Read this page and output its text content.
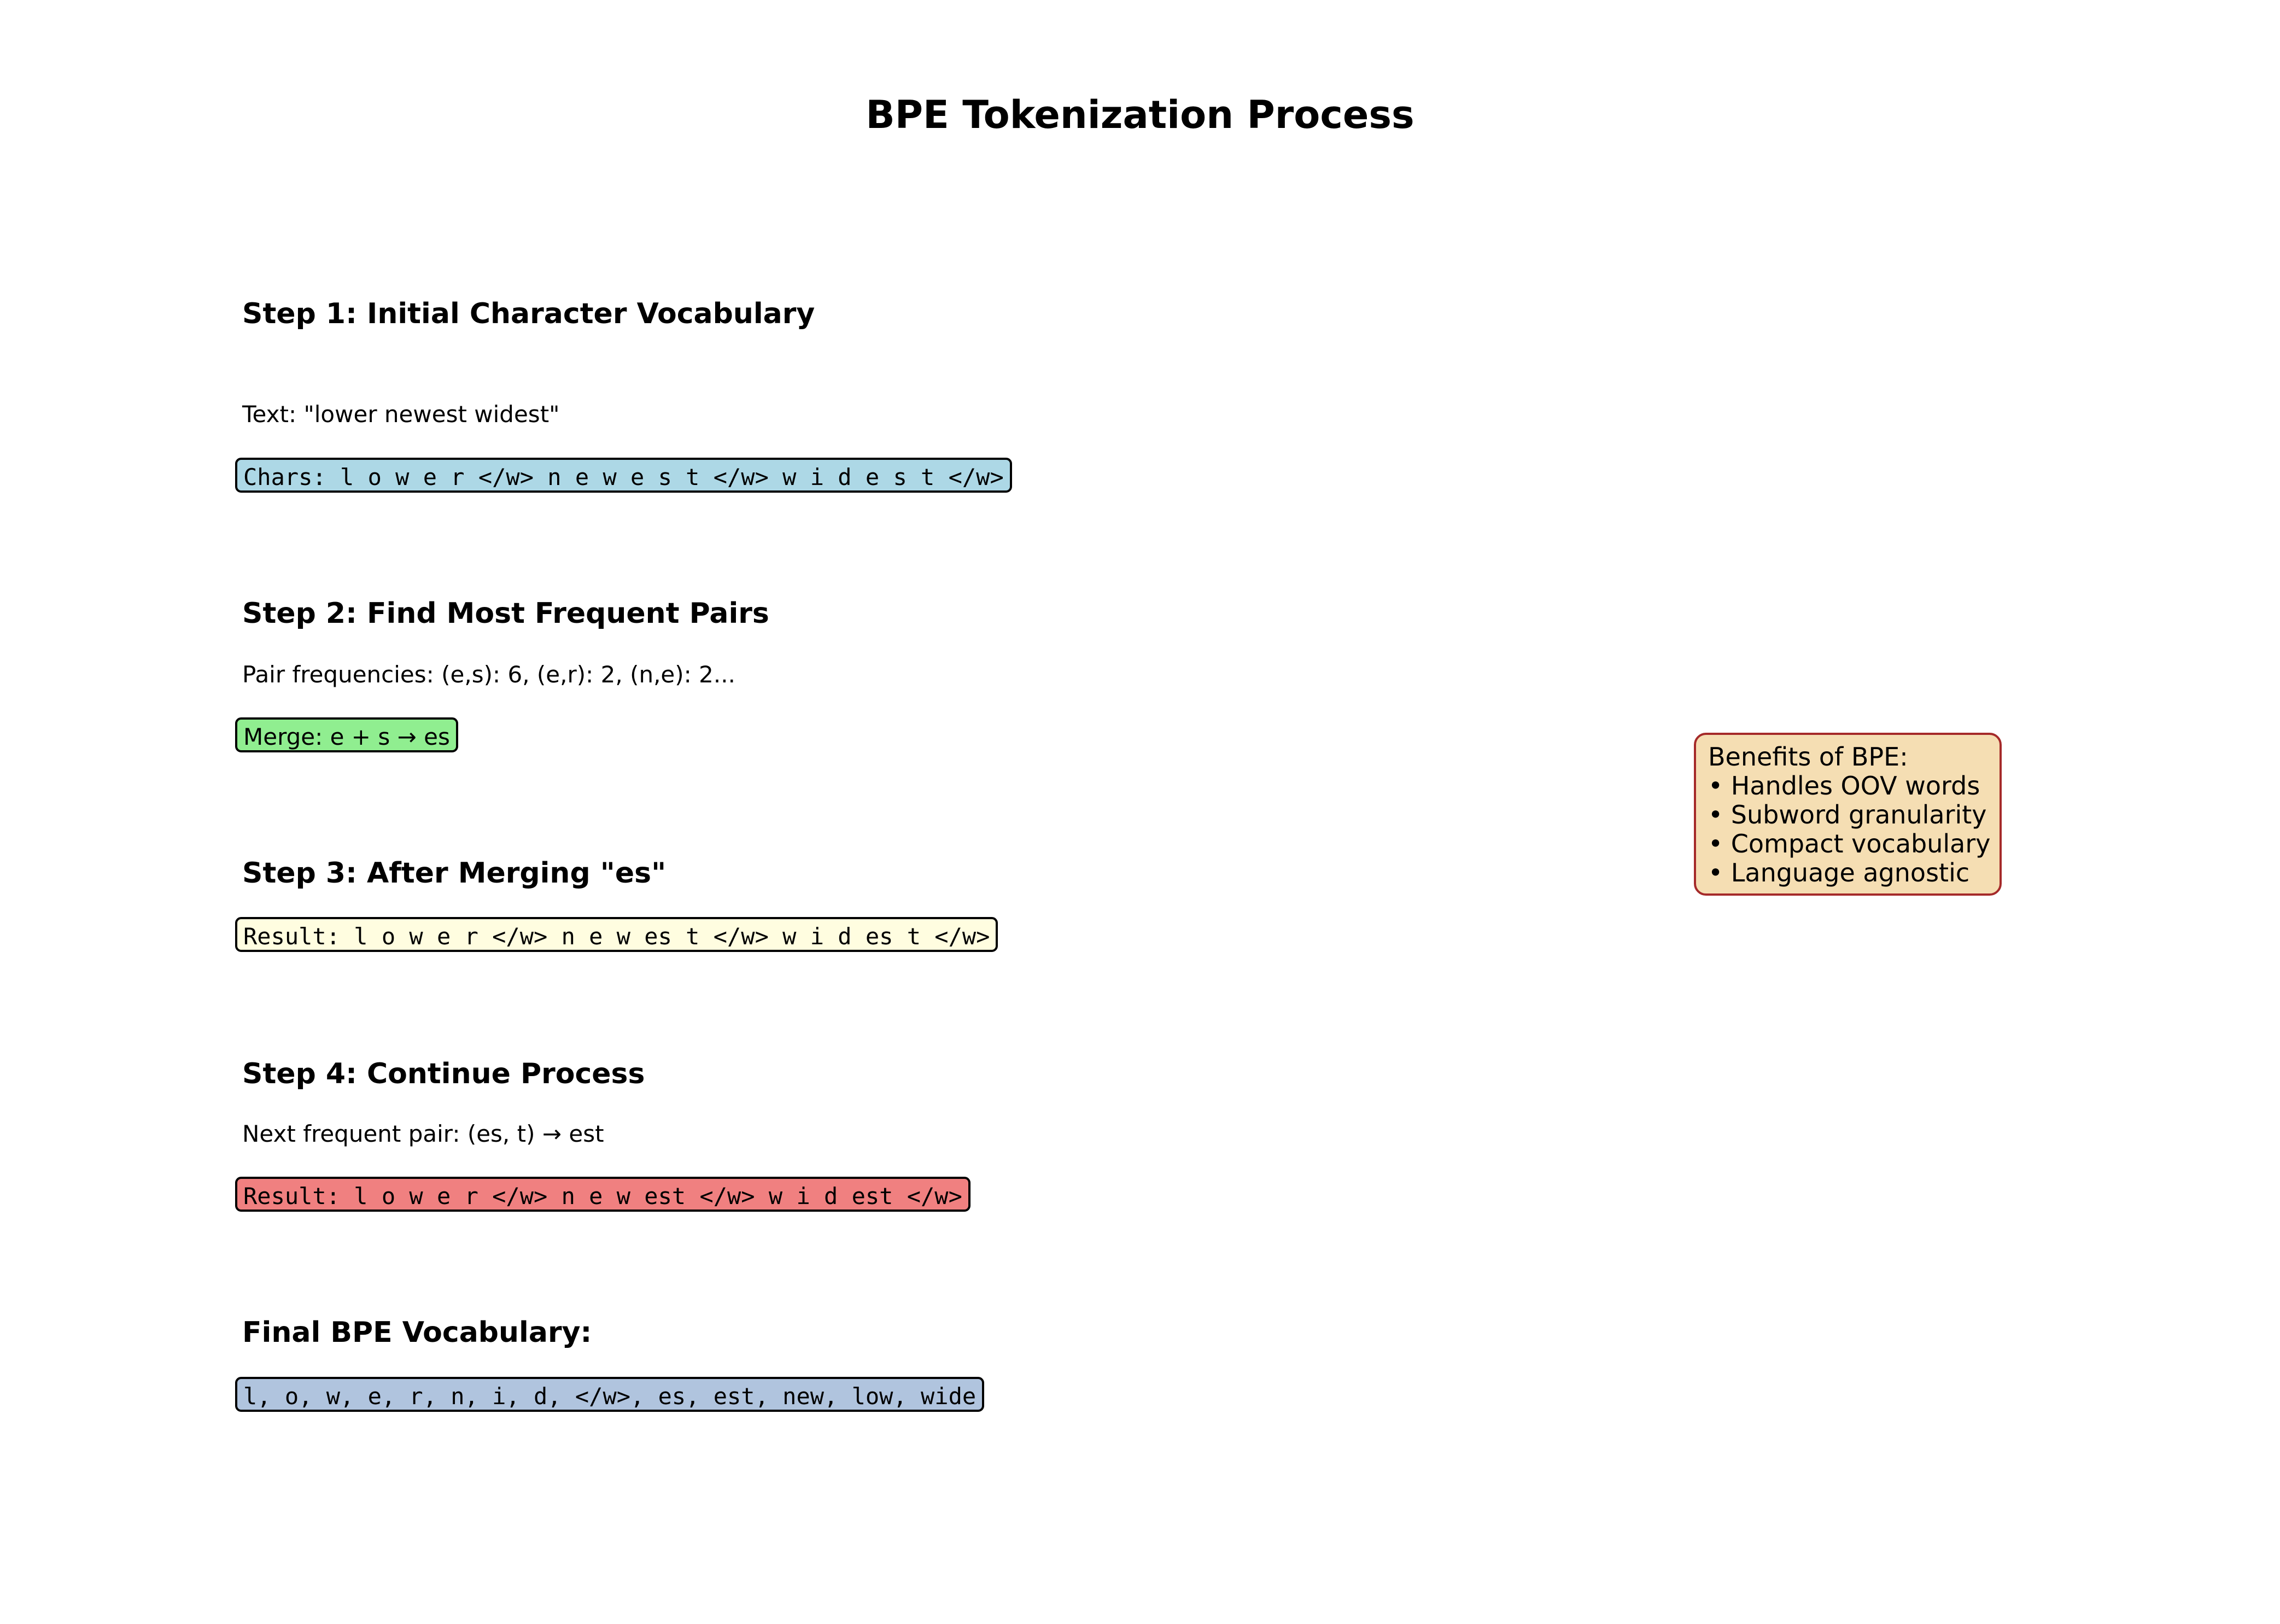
BPE Tokenization Process
Step 1: Initial Character Vocabulary
Text: "lower newest widest"
Chars: l o w e r </w> n e w e s t </w> w i d e s t </w>
Step 2: Find Most Frequent Pairs
Pair frequencies: (e,s): 6, (e,r): 2, (n,e): 2...
Merge: e + s → es
Step 3: After Merging "es"
Result: l o w e r </w> n e w es t </w> w i d es t </w>
Step 4: Continue Process
Next frequent pair: (es, t) → est
Result: l o w e r </w> n e w est </w> w i d est </w>
Final BPE Vocabulary:
l, o, w, e, r, n, i, d, </w>, es, est, new, low, wide
Benefits of BPE:
• Handles OOV words
• Subword granularity
• Compact vocabulary
• Language agnostic
